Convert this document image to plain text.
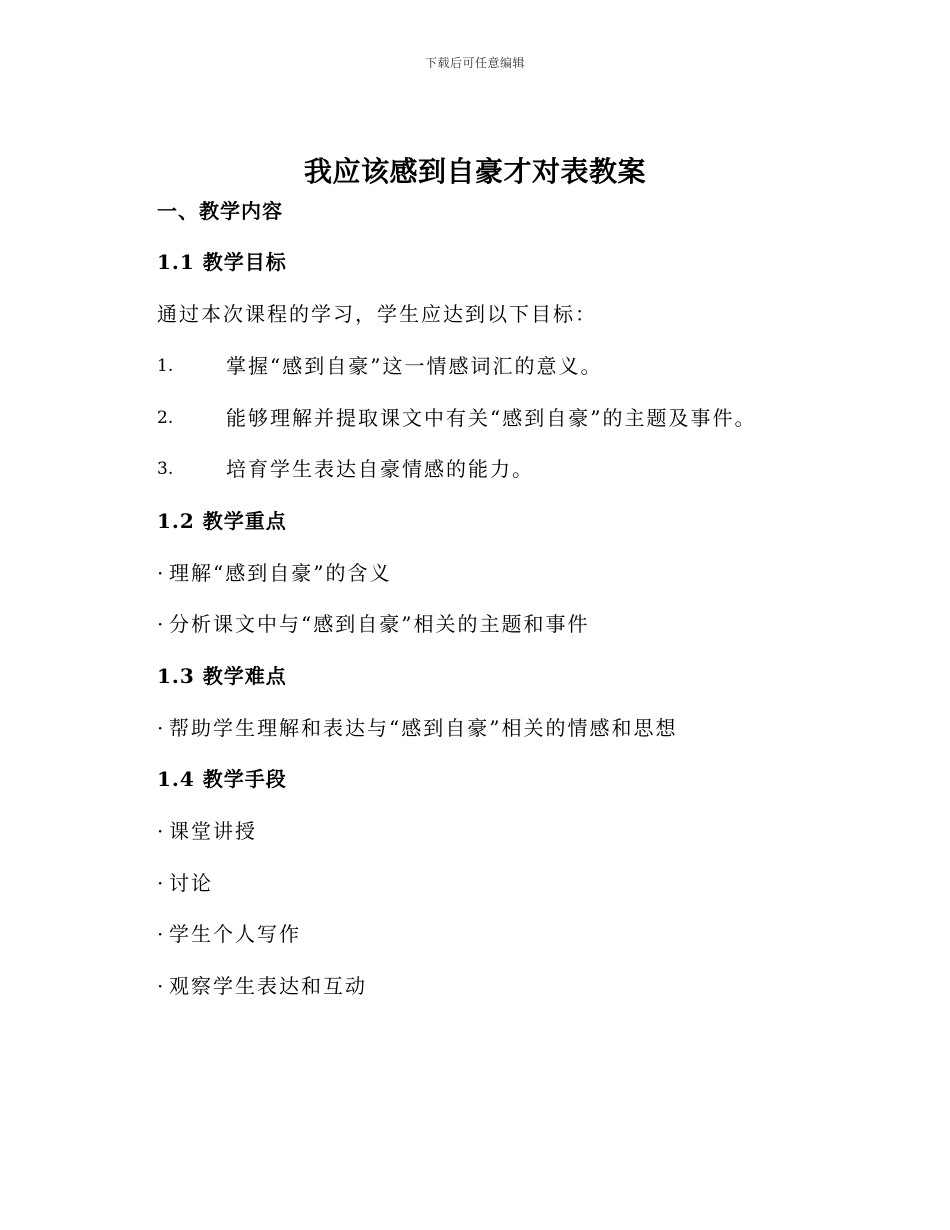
下载后可任意编辑
我应该感到自豪才对表教案
一、教学内容
1.1 教学目标
通过本次课程的学习，学生应达到以下目标：
1.	掌握“感到自豪”这一情感词汇的意义。
2.	能够理解并提取课文中有关“感到自豪”的主题及事件。
3.	培育学生表达自豪情感的能力。
1.2 教学重点
· 理解“感到自豪”的含义
· 分析课文中与“感到自豪”相关的主题和事件
1.3 教学难点
· 帮助学生理解和表达与“感到自豪”相关的情感和思想
1.4 教学手段
· 课堂讲授
· 讨论
· 学生个人写作
· 观察学生表达和互动
